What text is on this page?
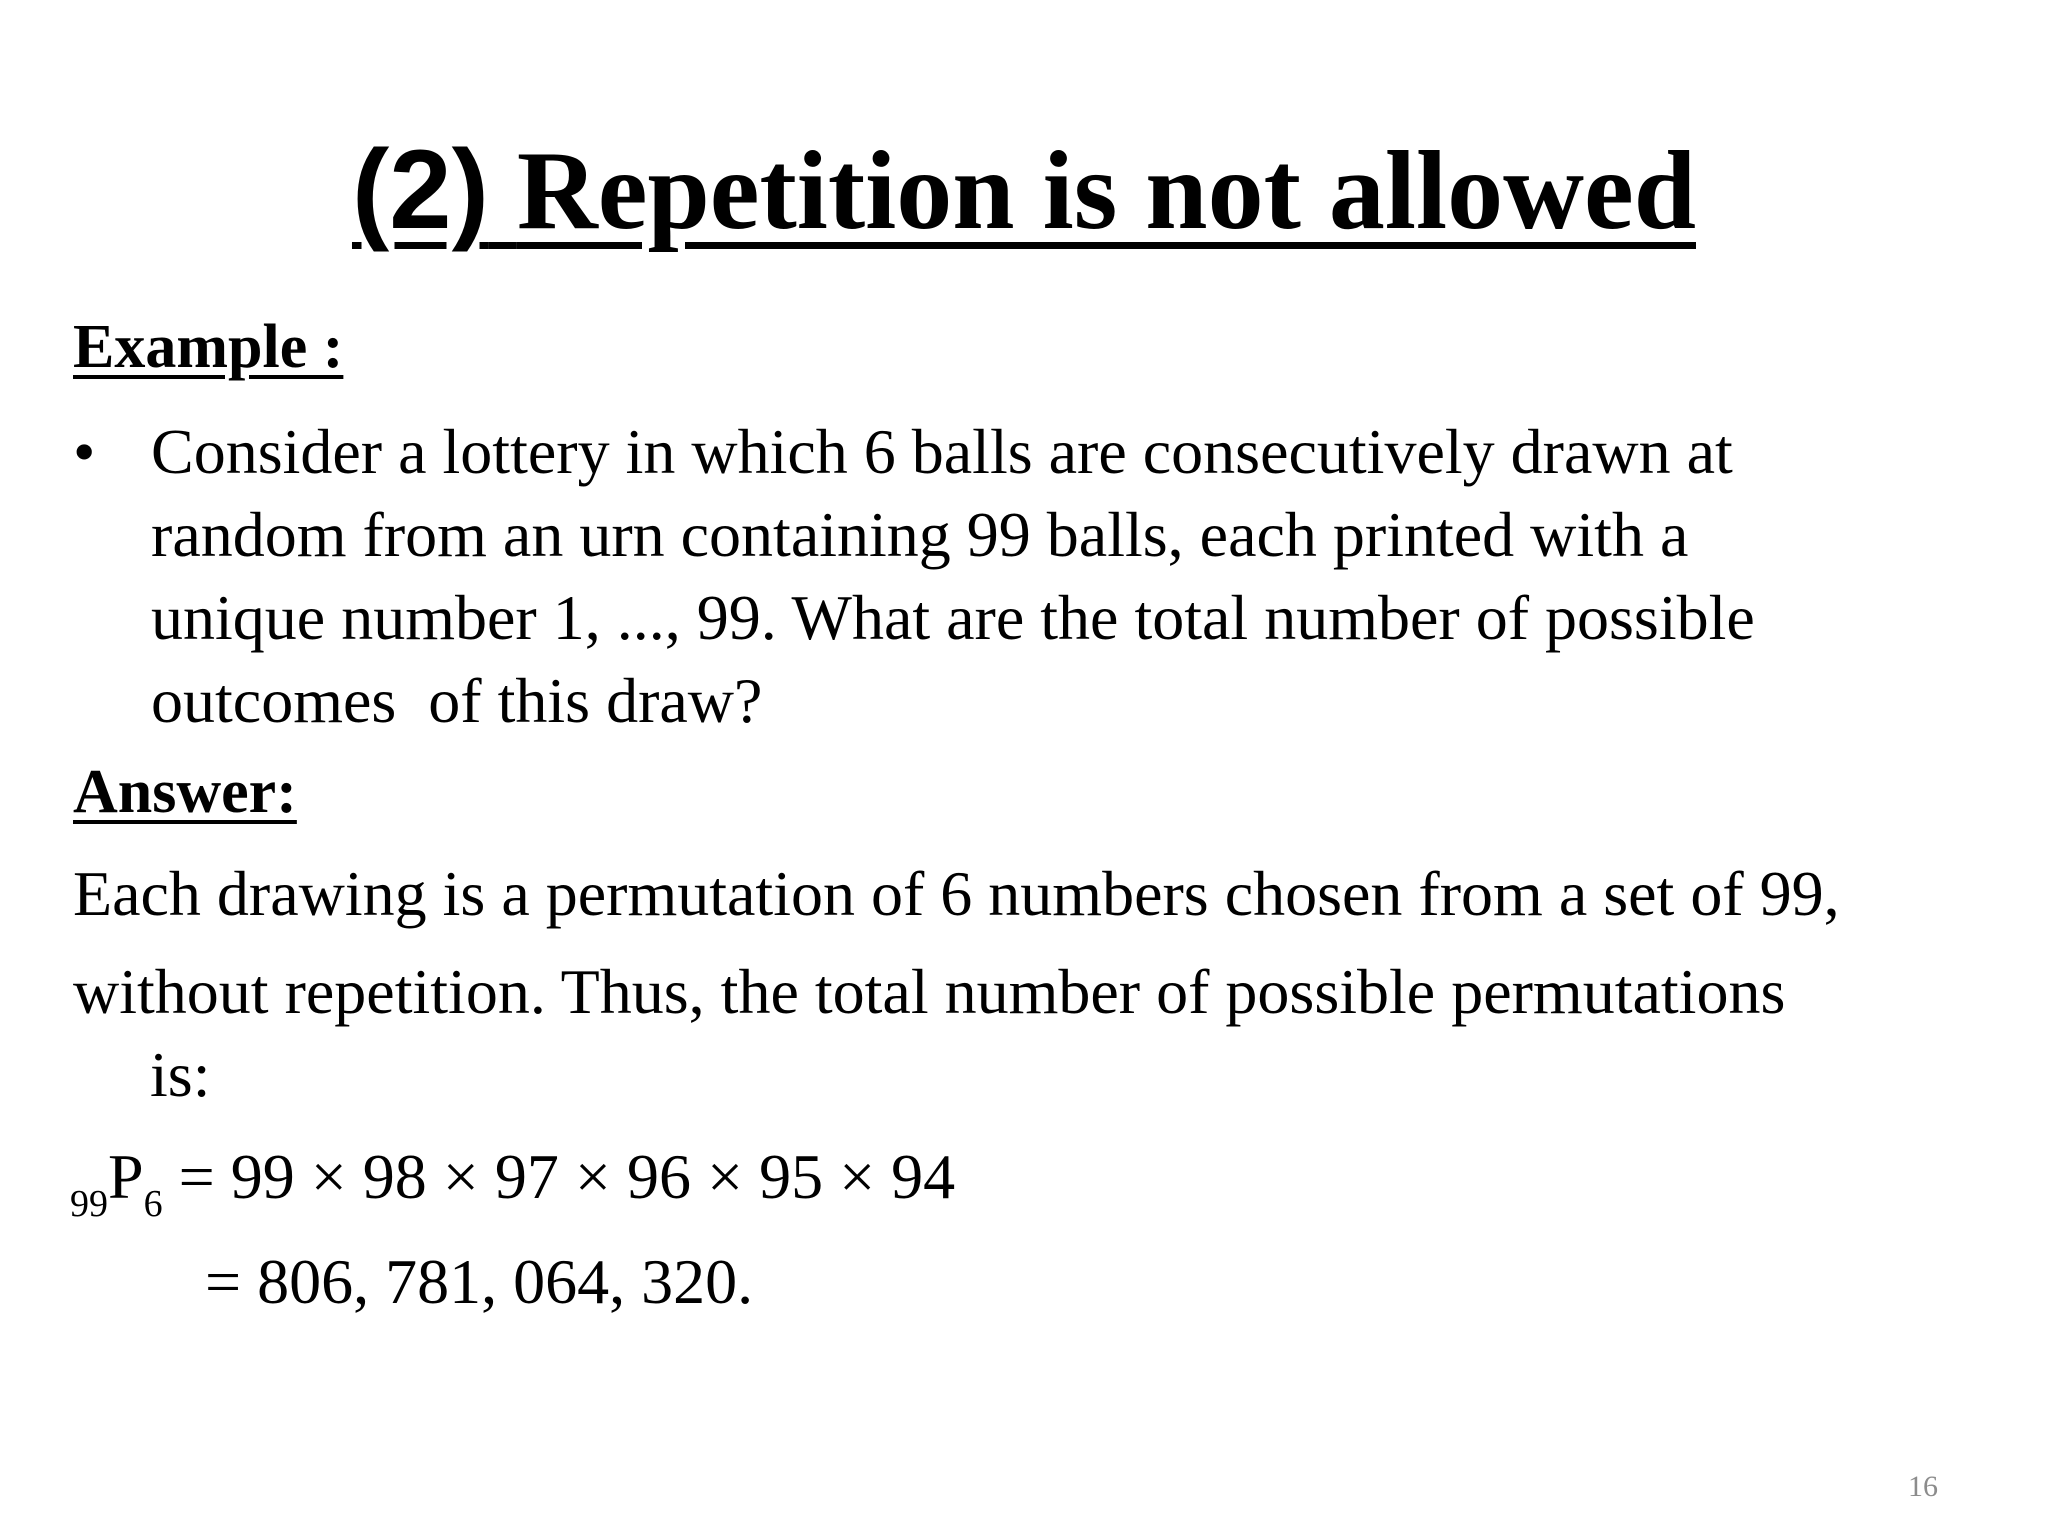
(2) Repetition is not allowed
Example :
• Consider a lottery in which 6 balls are consecutively drawn at
random from an urn containing 99 balls, each printed with a
unique number 1, ..., 99. What are the total number of possible
outcomes  of this draw?
Answer:
Each drawing is a permutation of 6 numbers chosen from a set of 99,
without repetition. Thus, the total number of possible permutations
is:
$_{99}P_6 = 99 \times 98 \times 97 \times 96 \times 95 \times 94$
= 806, 781, 064, 320.
16
